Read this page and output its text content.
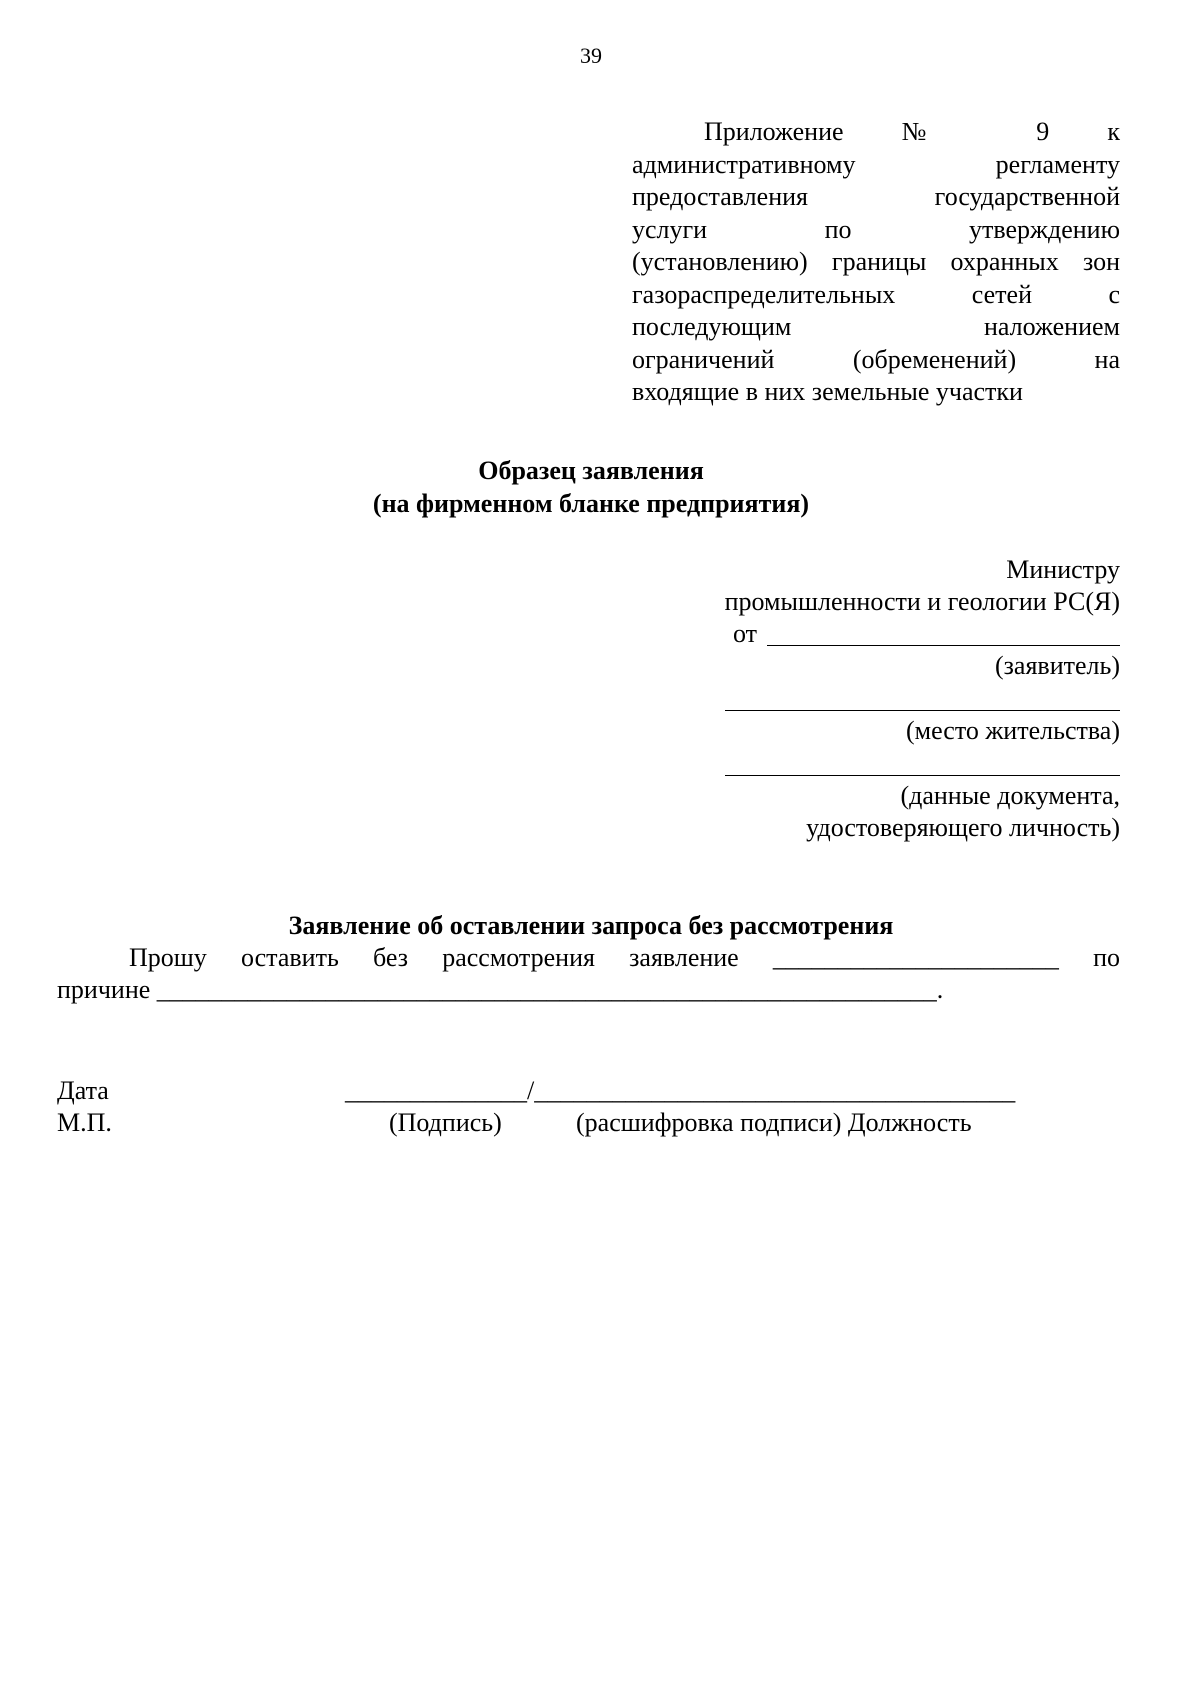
39
Приложение № 9 к
административному регламенту
предоставления государственной
услуги по утверждению
(установлению) границы охранных зон
газораспределительных сетей с
последующим наложением
ограничений (обременений) на
входящие в них земельные участки
Образец заявления
(на фирменном бланке предприятия)
Министру
промышленности и геологии РС(Я)
от
(заявитель)
(место жительства)
(данные документа,
удостоверяющего личность)
Заявление об оставлении запроса без рассмотрения
Прошу оставить без рассмотрения заявление ______________________ по
причине ____________________________________________________________.
Дата	______________/_____________________________________
М.П.	(Подпись)	(расшифровка подписи) Должность
